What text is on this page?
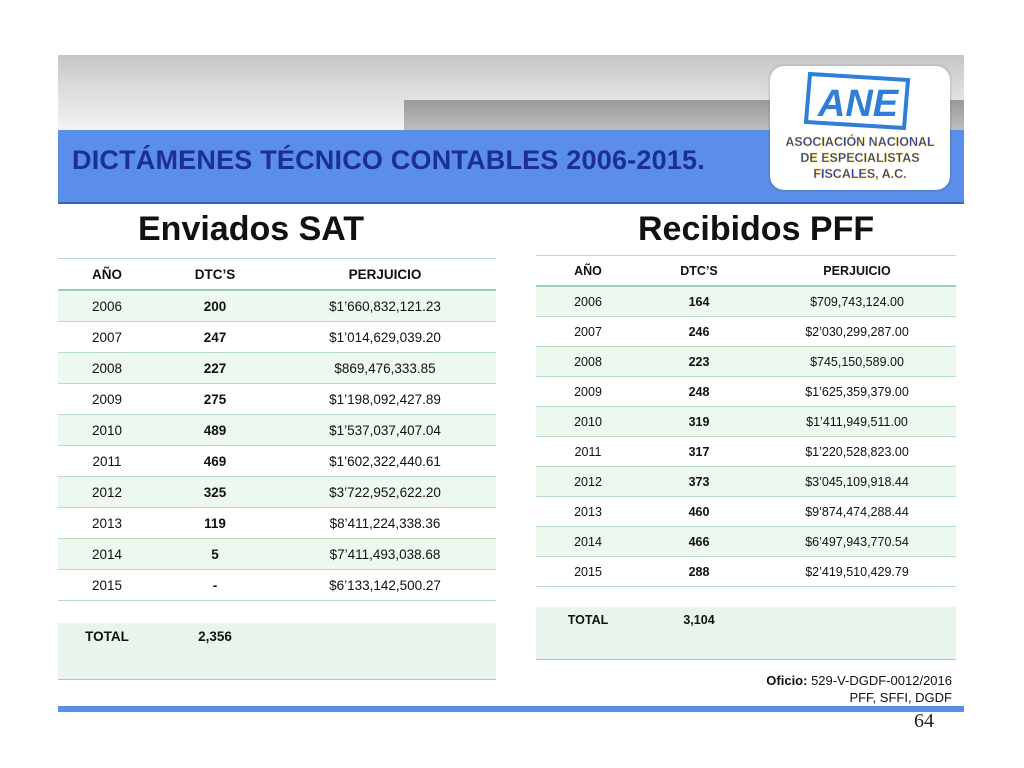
DICTÁMENES TÉCNICO CONTABLES 2006-2015.
ANE
ASOCIACIÓN NACIONAL
DE ESPECIALISTAS
FISCALES, A.C.
Enviados SAT	Recibidos PFF
AÑO	DTC’S	PERJUICIO
2006	200	$1’660,832,121.23
2007	247	$1’014,629,039.20
2008	227	$869,476,333.85
2009	275	$1’198,092,427.89
2010	489	$1’537,037,407.04
2011	469	$1’602,322,440.61
2012	325	$3’722,952,622.20
2013	119	$8’411,224,338.36
2014	5	$7’411,493,038.68
2015	-	$6’133,142,500.27

TOTAL	2,356	
AÑO	DTC’S	PERJUICIO
2006	164	$709,743,124.00
2007	246	$2’030,299,287.00
2008	223	$745,150,589.00
2009	248	$1’625,359,379.00
2010	319	$1’411,949,511.00
2011	317	$1’220,528,823.00
2012	373	$3’045,109,918.44
2013	460	$9’874,474,288.44
2014	466	$6’497,943,770.54
2015	288	$2’419,510,429.79

TOTAL	3,104	
Oficio: 529-V-DGDF-0012/2016
PFF, SFFI, DGDF
64
